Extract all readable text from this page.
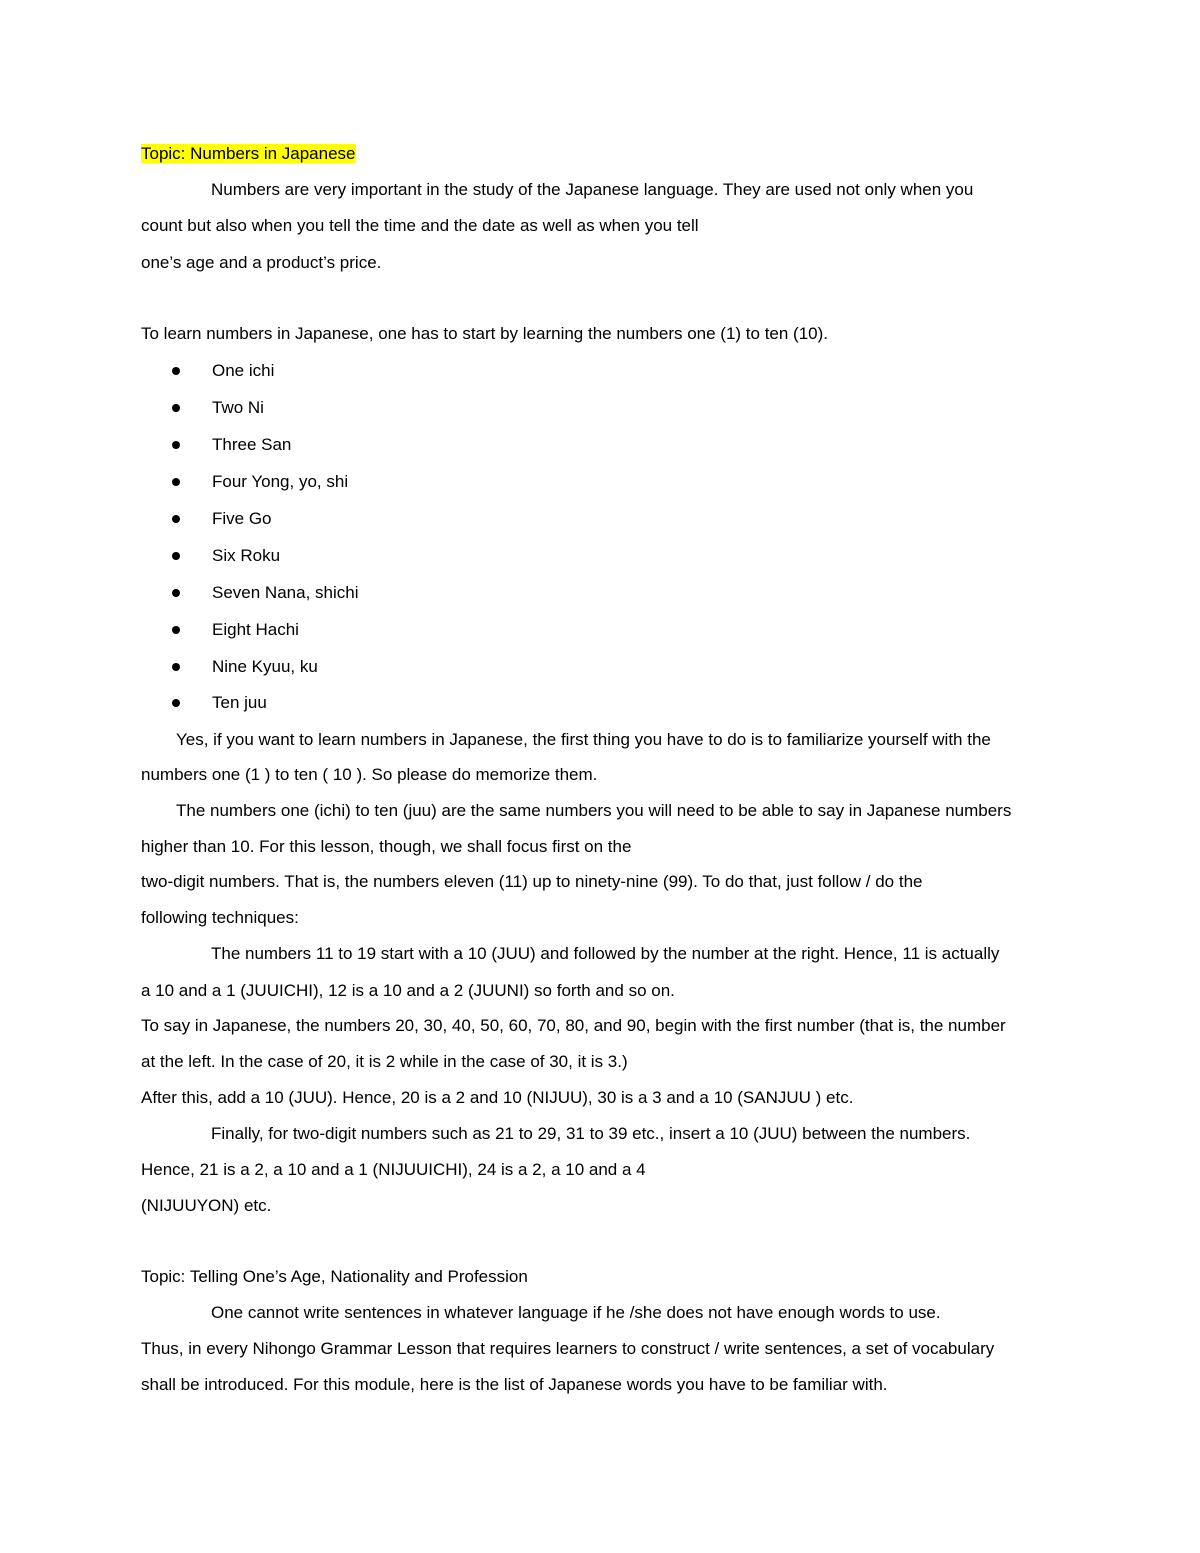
Topic: Numbers in Japanese
Numbers are very important in the study of the Japanese language. They are used not only when you
count but also when you tell the time and the date as well as when you tell
one’s age and a product’s price.
To learn numbers in Japanese, one has to start by learning the numbers one (1) to ten (10).
One ichi
Two Ni
Three San
Four Yong, yo, shi
Five Go
Six Roku
Seven Nana, shichi
Eight Hachi
Nine Kyuu, ku
Ten juu
Yes, if you want to learn numbers in Japanese, the first thing you have to do is to familiarize yourself with the
numbers one (1 ) to ten ( 10 ). So please do memorize them.
The numbers one (ichi) to ten (juu) are the same numbers you will need to be able to say in Japanese numbers
higher than 10. For this lesson, though, we shall focus first on the
two-digit numbers. That is, the numbers eleven (11) up to ninety-nine (99). To do that, just follow / do the
following techniques:
The numbers 11 to 19 start with a 10 (JUU) and followed by the number at the right. Hence, 11 is actually
a 10 and a 1 (JUUICHI), 12 is a 10 and a 2 (JUUNI) so forth and so on.
To say in Japanese, the numbers 20, 30, 40, 50, 60, 70, 80, and 90, begin with the first number (that is, the number
at the left. In the case of 20, it is 2 while in the case of 30, it is 3.)
After this, add a 10 (JUU). Hence, 20 is a 2 and 10 (NIJUU), 30 is a 3 and a 10 (SANJUU ) etc.
Finally, for two-digit numbers such as 21 to 29, 31 to 39 etc., insert a 10 (JUU) between the numbers.
Hence, 21 is a 2, a 10 and a 1 (NIJUUICHI), 24 is a 2, a 10 and a 4
(NIJUUYON) etc.
Topic: Telling One’s Age, Nationality and Profession
One cannot write sentences in whatever language if he /she does not have enough words to use.
Thus, in every Nihongo Grammar Lesson that requires learners to construct / write sentences, a set of vocabulary
shall be introduced. For this module, here is the list of Japanese words you have to be familiar with.
